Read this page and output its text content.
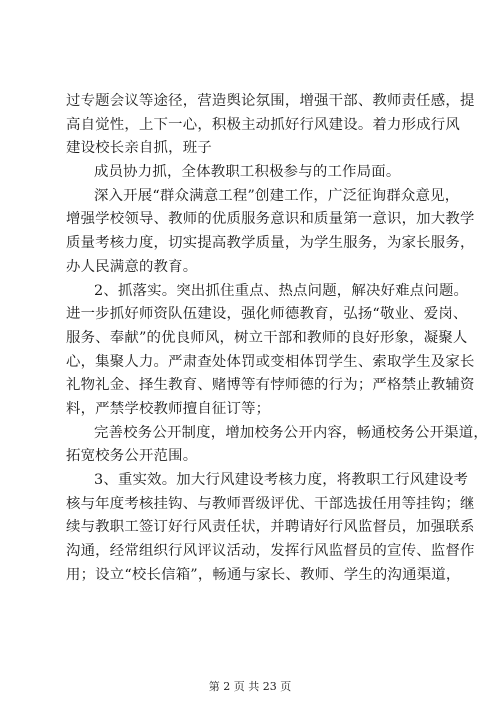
过专题会议等途径，营造舆论氛围，增强干部、教师责任感，提
高自觉性，上下一心，积极主动抓好行风建设。着力形成行风
建设校长亲自抓，班子
成员协力抓，全体教职工积极参与的工作局面。
深入开展“群众满意工程”创建工作，广泛征询群众意见，
增强学校领导、教师的优质服务意识和质量第一意识，加大教学
质量考核力度，切实提高教学质量，为学生服务，为家长服务，
办人民满意的教育。
2、抓落实。突出抓住重点、热点问题，解决好难点问题。
进一步抓好师资队伍建设，强化师德教育，弘扬“敬业、爱岗、
服务、奉献”的优良师风，树立干部和教师的良好形象，凝聚人
心，集聚人力。严肃查处体罚或变相体罚学生、索取学生及家长
礼物礼金、择生教育、赌博等有悖师德的行为；严格禁止教辅资
料，严禁学校教师擅自征订等；
完善校务公开制度，增加校务公开内容，畅通校务公开渠道，
拓宽校务公开范围。
3、重实效。加大行风建设考核力度，将教职工行风建设考
核与年度考核挂钩、与教师晋级评优、干部选拔任用等挂钩；继
续与教职工签订好行风责任状，并聘请好行风监督员，加强联系
沟通，经常组织行风评议活动，发挥行风监督员的宣传、监督作
用；设立“校长信箱”，畅通与家长、教师、学生的沟通渠道，
第 2 页 共 23 页
